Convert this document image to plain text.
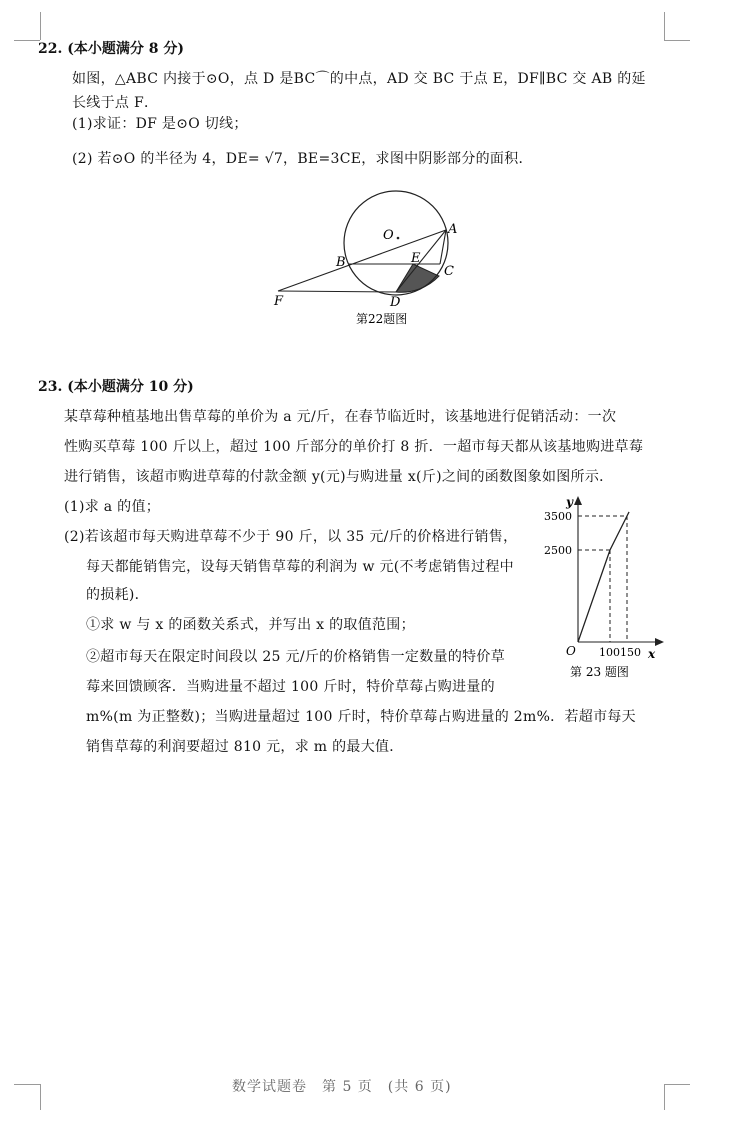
22. (本小题满分 8 分)
如图，△ABC 内接于⊙O，点 D 是BC⌒的中点，AD 交 BC 于点 E，DF∥BC 交 AB 的延
长线于点 F．
(1)求证：DF 是⊙O 切线；
(2) 若⊙O 的半径为 4，DE= √7，BE=3CE，求图中阴影部分的面积．
O	A
B
C
D
E
F
第22题图
23. (本小题满分 10 分)
某草莓种植基地出售草莓的单价为 a 元/斤，在春节临近时，该基地进行促销活动：一次
性购买草莓 100 斤以上，超过 100 斤部分的单价打 8 折．一超市每天都从该基地购进草莓
进行销售，该超市购进草莓的付款金额 y(元)与购进量 x(斤)之间的函数图象如图所示．
(1)求 a 的值；
(2)若该超市每天购进草莓不少于 90 斤，以 35 元/斤的价格进行销售，
每天都能销售完，设每天销售草莓的利润为 w 元(不考虑销售过程中
的损耗)．
①求 w 与 x 的函数关系式，并写出 x 的取值范围；
②超市每天在限定时间段以 25 元/斤的价格销售一定数量的特价草
莓来回馈顾客．当购进量不超过 100 斤时，特价草莓占购进量的
m%(m 为正整数)；当购进量超过 100 斤时，特价草莓占购进量的 2m%．若超市每天
销售草莓的利润要超过 810 元，求 m 的最大值．
y
x
O
2500
3500
100150
第 23 题图
数学试题卷　第 5 页　(共 6 页)
